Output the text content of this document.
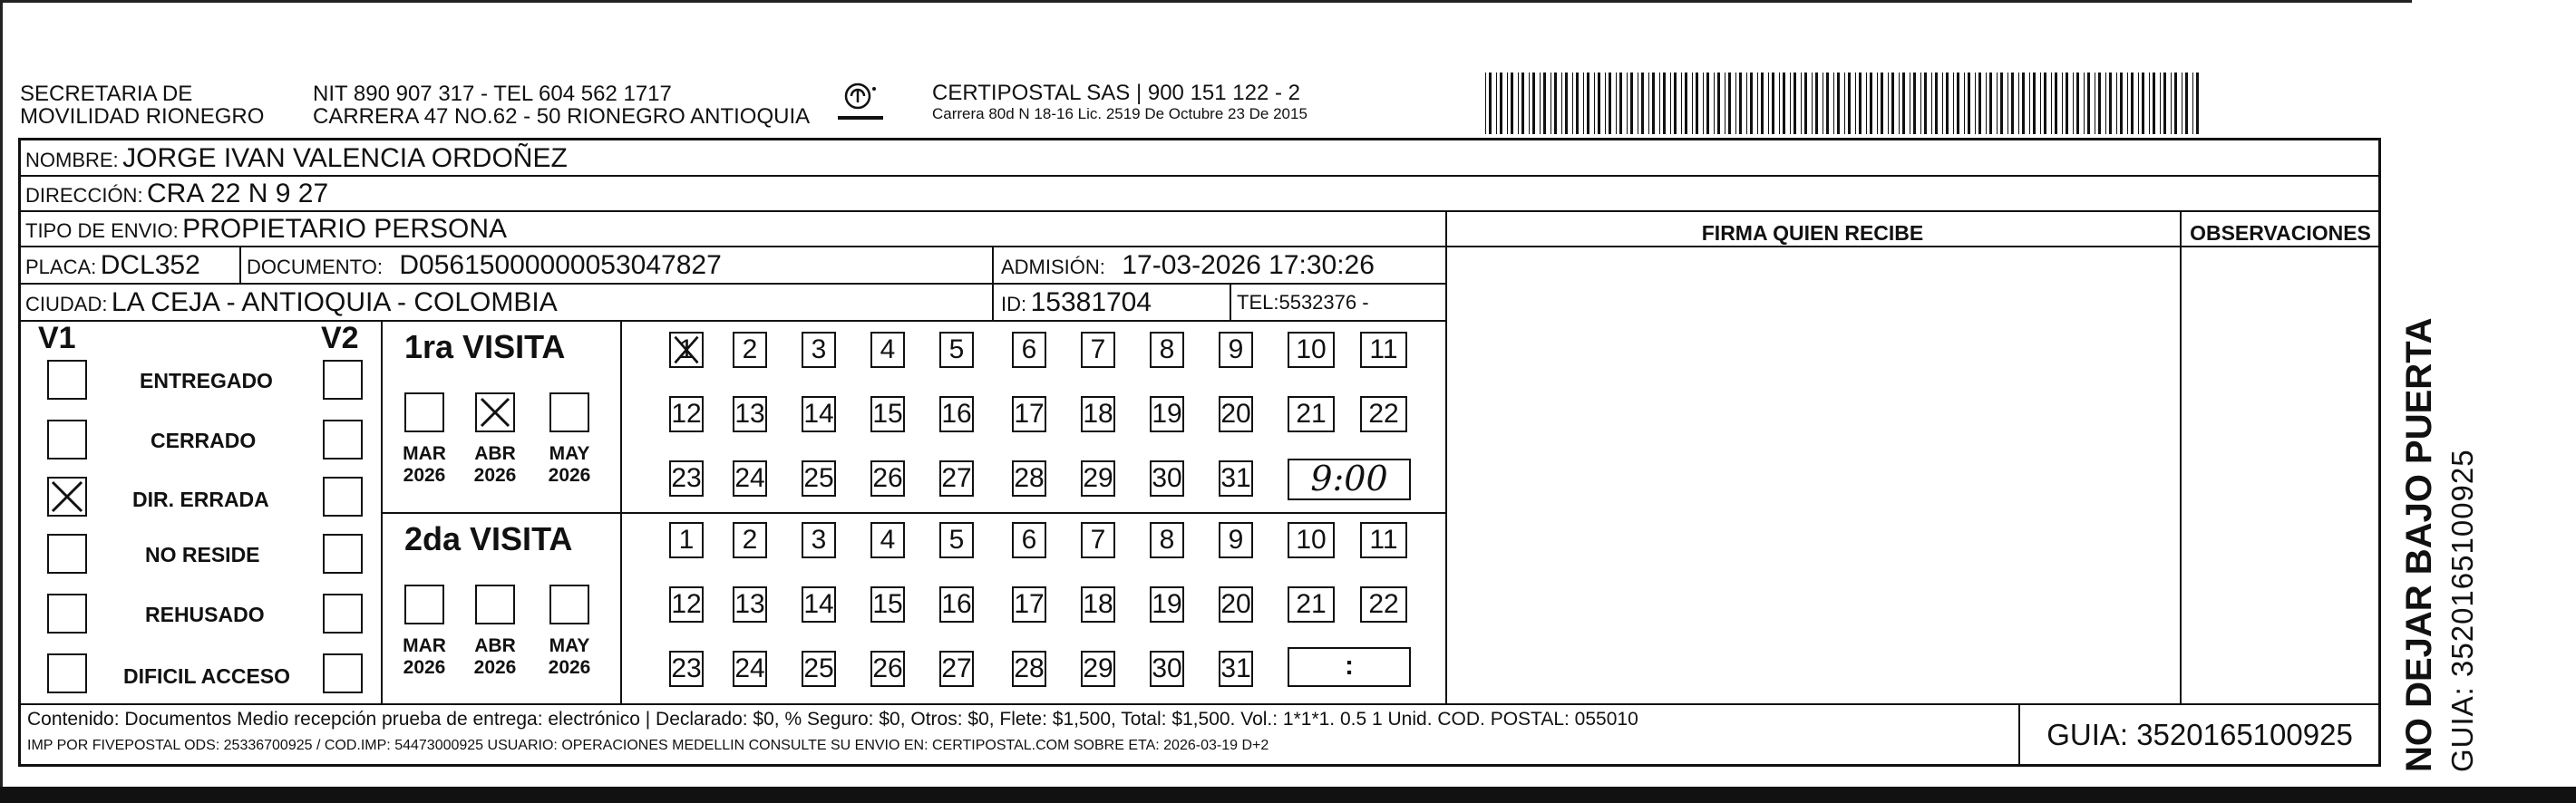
SECRETARIA DE
MOVILIDAD RIONEGRO
NIT 890 907 317 - TEL 604 562 1717
CARRERA 47 NO.62 - 50 RIONEGRO ANTIOQUIA
CERTIPOSTAL SAS | 900 151 122 - 2
Carrera 80d N 18-16 Lic. 2519 De Octubre 23 De 2015
NOMBRE: JORGE IVAN VALENCIA ORDOÑEZ
DIRECCIÓN: CRA 22 N 9 27
TIPO DE ENVIO: PROPIETARIO PERSONA
PLACA: DCL352 DOCUMENTO: D05615000000053047827	ADMISIÓN: 17-03-2026 17:30:26
CIUDAD: LA CEJA - ANTIOQUIA - COLOMBIA	ID: 15381704	TEL:5532376 -
FIRMA QUIEN RECIBE	OBSERVACIONES
V1	V2
ENTREGADO
CERRADO
DIR. ERRADA
NO RESIDE
REHUSADO
DIFICIL ACCESO
1ra VISITA
MAR
2026
ABR
2026
MAY
2026
2da VISITA
MAR
2026
ABR
2026
MAY
2026
1	2	3	4	5	6	7	8	9	10	11
12 13 14 15 16 17 18 19 20	21	22
23 24 25 26 27 28 29 30 31
1	2	3	4	5	6	7	8	9	10	11
12 13 14 15 16 17 18 19 20	21	22
23 24 25 26 27 28 29 30 31
9:00
:
Contenido: Documentos Medio recepción prueba de entrega: electrónico | Declarado: $0, % Seguro: $0, Otros: $0, Flete: $1,500, Total: $1,500. Vol.: 1*1*1. 0.5 1 Unid. COD. POSTAL: 055010
IMP POR FIVEPOSTAL ODS: 25336700925 / COD.IMP: 54473000925 USUARIO: OPERACIONES MEDELLIN CONSULTE SU ENVIO EN: CERTIPOSTAL.COM SOBRE ETA: 2026-03-19 D+2	GUIA: 3520165100925	NO DEJAR BAJO PUERTA GUIA: 3520165100925
